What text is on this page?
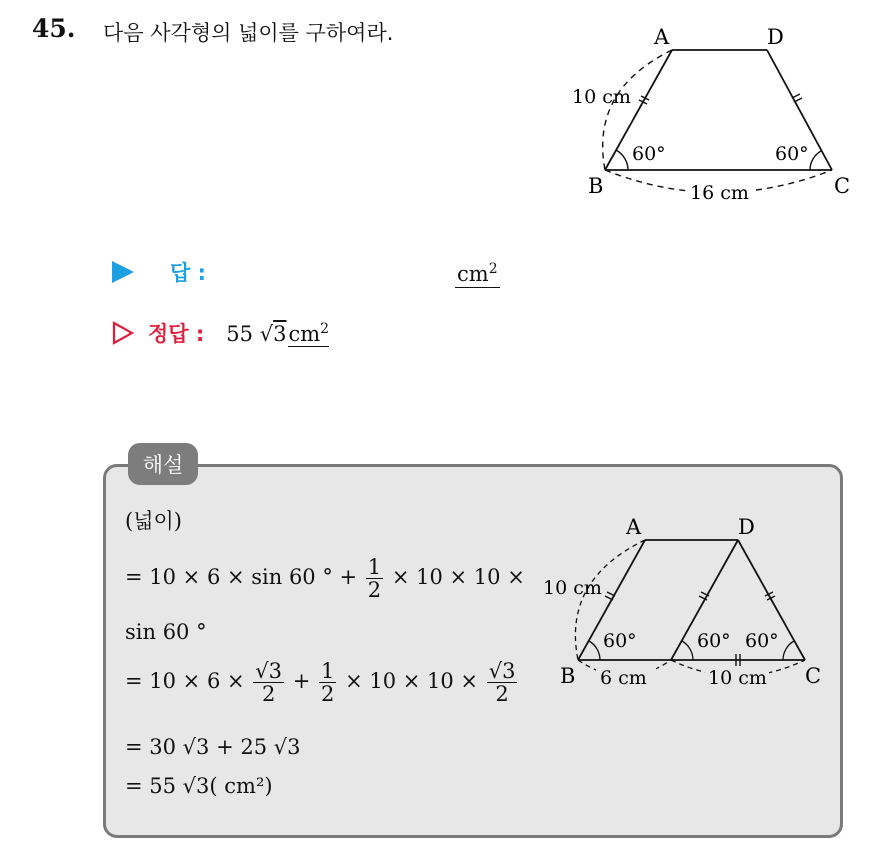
45. 다음 사각형의 넓이를 구하여라.	A	D
B	C
10 cm
60°	60°
16 cm
답 :	$cm^2$
정답 : 55 $√3cm^2$
해설
(넓이)
= 10 × 6 × sin 60 ° + $\frac{1}{2} \times 10 \times 10$ ×
sin 60 °
= $10 \times 6 \times \frac{√3}{2} + \frac{1}{2} \times 10 \times 10 \times \frac{√3}{2}$
= 30 √3 + 25 √3
= 55 √3( cm²)
A	D
B	C
10 cm
60°	60° 60°
6 cm	10 cm
